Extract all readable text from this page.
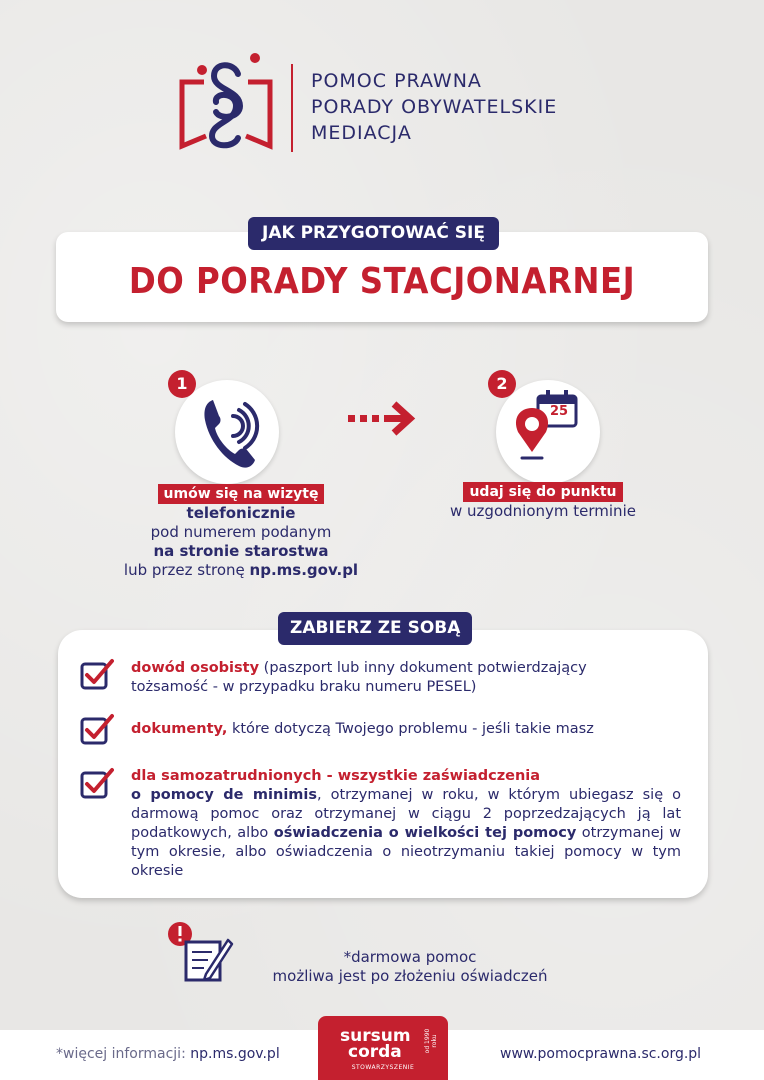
POMOC PRAWNA
PORADY OBYWATELSKIE
MEDIACJA
JAK PRZYGOTOWAĆ SIĘ
DO PORADY STACJONARNEJ
1
25
2
umów się na wizytę
telefonicznie
pod numerem podanym
na stronie starostwa
lub przez stronę np.ms.gov.pl
udaj się do punktu
w uzgodnionym terminie
ZABIERZ ZE SOBĄ
dowód osobisty (paszport lub inny dokument potwierdzający
tożsamość - w przypadku braku numeru PESEL)
dokumenty, które dotyczą Twojego problemu - jeśli takie masz
dla samozatrudnionych - wszystkie zaświadczenia
o pomocy de minimis, otrzymanej w roku, w którym ubiegasz się o darmową pomoc oraz otrzymanej w ciągu 2 poprzedzających ją lat podatkowych, albo oświadczenia o wielkości tej pomocy otrzymanej w tym okresie, albo oświadczenia o nieotrzymaniu takiej pomocy w tym okresie
*darmowa pomoc
możliwa jest po złożeniu oświadczeń
*więcej informacji: np.ms.gov.pl
sursum
corda	od 1990 roku
STOWARZYSZENIE
www.pomocprawna.sc.org.pl
